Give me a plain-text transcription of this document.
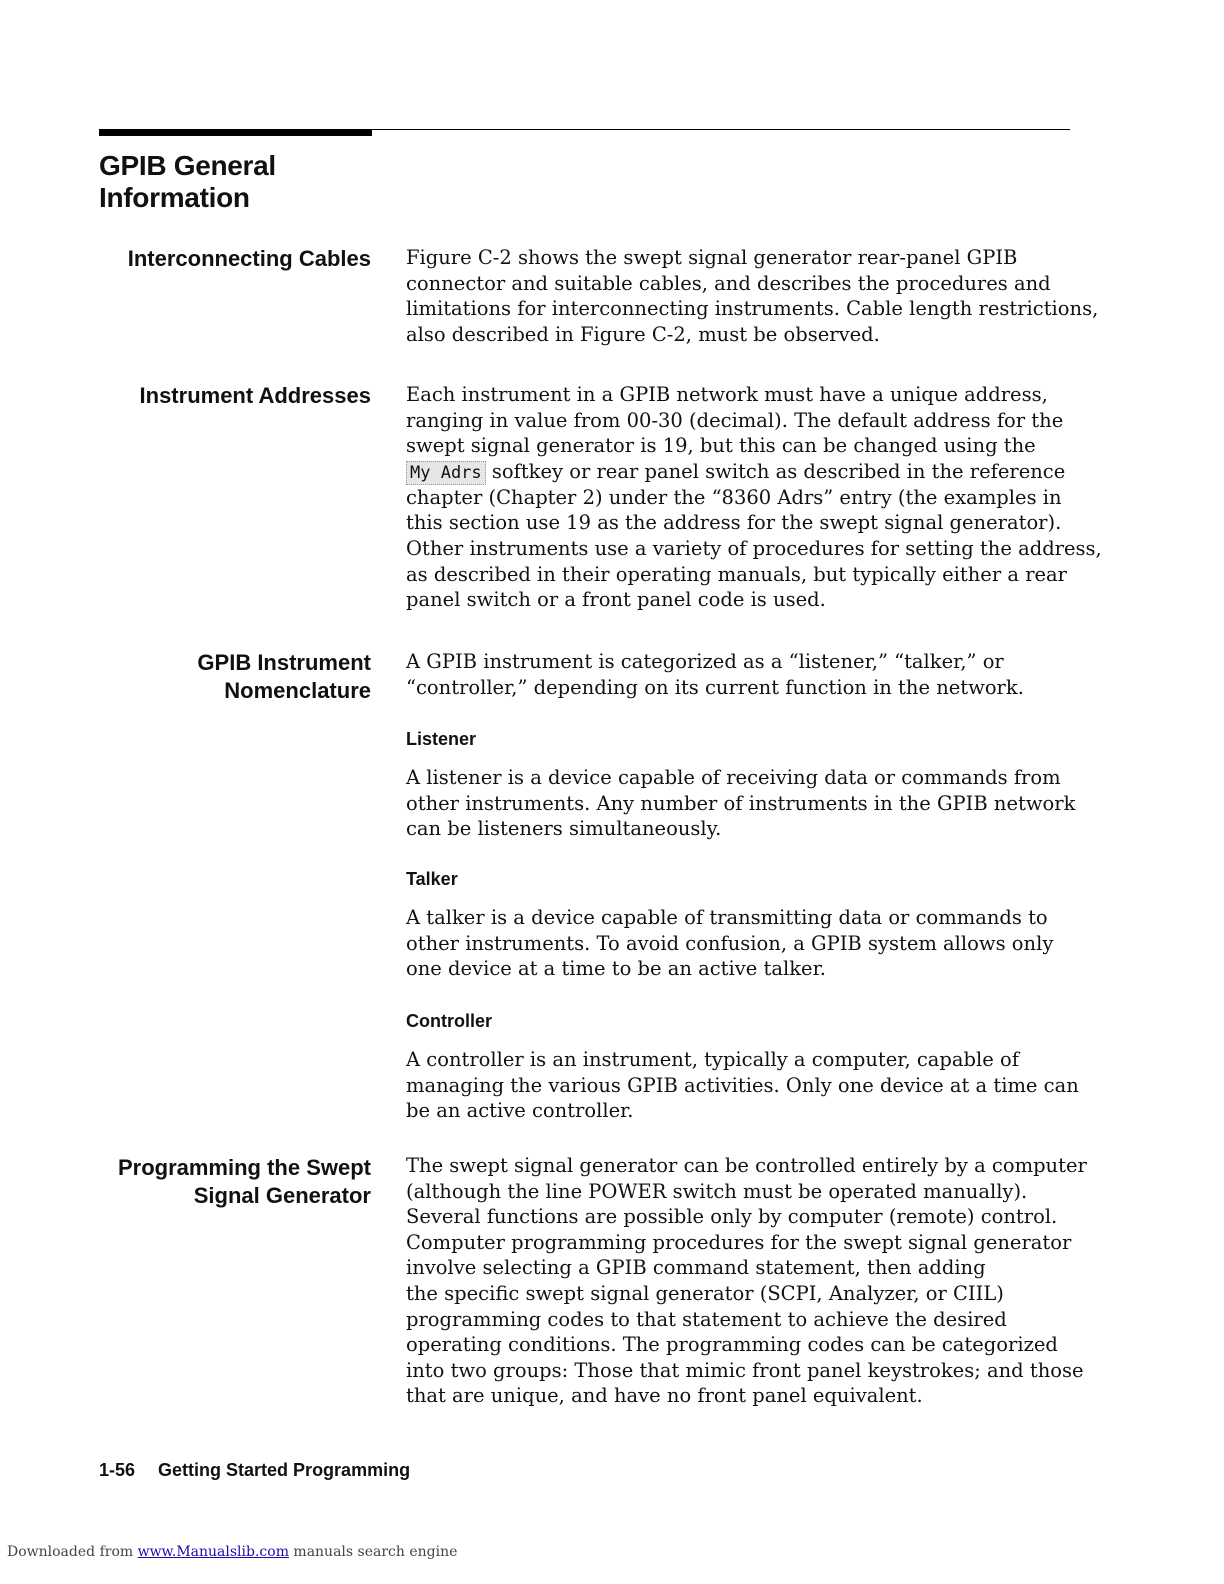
GPIB General
Information
Interconnecting Cables Figure C-2 shows the swept signal generator rear-panel GPIB
connector and suitable cables, and describes the procedures and
limitations for interconnecting instruments. Cable length restrictions,
also described in Figure C-2, must be observed.
Instrument Addresses Each instrument in a GPIB network must have a unique address,
ranging in value from 00-30 (decimal). The default address for the
swept signal generator is 19, but this can be changed using the
My Adrs softkey or rear panel switch as described in the reference
chapter (Chapter 2) under the “8360 Adrs” entry (the examples in
this section use 19 as the address for the swept signal generator).
Other instruments use a variety of procedures for setting the address,
as described in their operating manuals, but typically either a rear
panel switch or a front panel code is used.
GPIB Instrument
Nomenclature
A GPIB instrument is categorized as a “listener,” “talker,” or
“controller,” depending on its current function in the network.
Listener
A listener is a device capable of receiving data or commands from
other instruments. Any number of instruments in the GPIB network
can be listeners simultaneously.
Talker
A talker is a device capable of transmitting data or commands to
other instruments. To avoid confusion, a GPIB system allows only
one device at a time to be an active talker.
Controller
A controller is an instrument, typically a computer, capable of
managing the various GPIB activities. Only one device at a time can
be an active controller.
Programming the Swept
Signal Generator
The swept signal generator can be controlled entirely by a computer
(although the line POWER switch must be operated manually).
Several functions are possible only by computer (remote) control.
Computer programming procedures for the swept signal generator
involve selecting a GPIB command statement, then adding
the specific swept signal generator (SCPI, Analyzer, or CIIL)
programming codes to that statement to achieve the desired
operating conditions. The programming codes can be categorized
into two groups: Those that mimic front panel keystrokes; and those
that are unique, and have no front panel equivalent.
1-56 Getting Started Programming
Downloaded from www.Manualslib.com manuals search engine
